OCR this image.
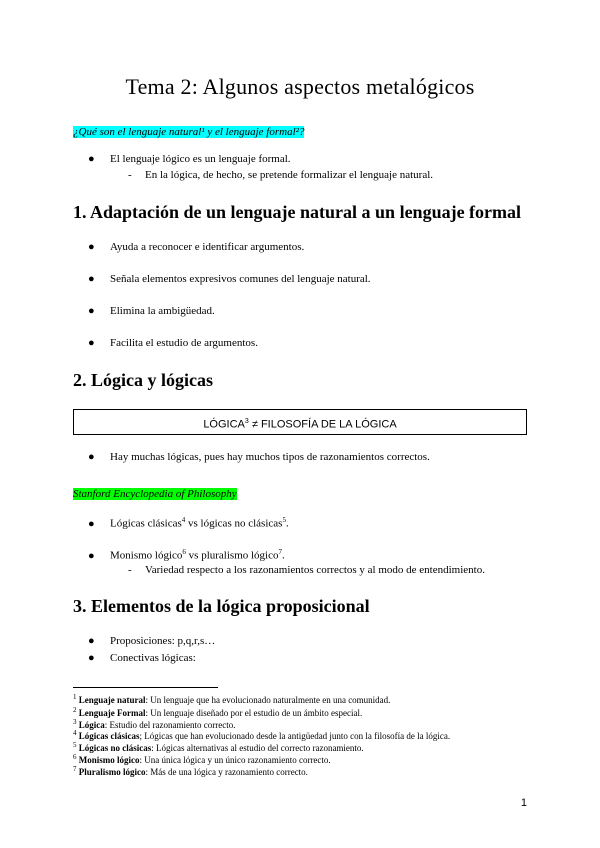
Tema 2: Algunos aspectos metalógicos
¿Qué son el lenguaje natural¹ y el lenguaje formal²?
● El lenguaje lógico es un lenguaje formal.
- En la lógica, de hecho, se pretende formalizar el lenguaje natural.
1. Adaptación de un lenguaje natural a un lenguaje formal
● Ayuda a reconocer e identificar argumentos.
● Señala elementos expresivos comunes del lenguaje natural.
● Elimina la ambigüedad.
● Facilita el estudio de argumentos.
2. Lógica y lógicas
$LÓGICA^3$ ≠ FILOSOFÍA DE LA LÓGICA
● Hay muchas lógicas, pues hay muchos tipos de razonamientos correctos.
Stanford Encyclopedia of Philosophy
● Lógicas clásicas$^4$ vs lógicas no clásicas$^5$.
● Monismo lógico$^6$ vs pluralismo lógico$^7$.
- Variedad respecto a los razonamientos correctos y al modo de entendimiento.
3. Elementos de la lógica proposicional
● Proposiciones: p,q,r,s…
● Conectivas lógicas:
$^1$ Lenguaje natural: Un lenguaje que ha evolucionado naturalmente en una comunidad.
$^2$ Lenguaje Formal: Un lenguaje diseñado por el estudio de un ámbito especial.
$^3$ Lógica: Estudio del razonamiento correcto.
$^4$ Lógicas clásicas; Lógicas que han evolucionado desde la antigüedad junto con la filosofía de la lógica.
$^5$ Lógicas no clásicas: Lógicas alternativas al estudio del correcto razonamiento.
$^6$ Monismo lógico: Una única lógica y un único razonamiento correcto.
$^7$ Pluralismo lógico: Más de una lógica y razonamiento correcto.
1
